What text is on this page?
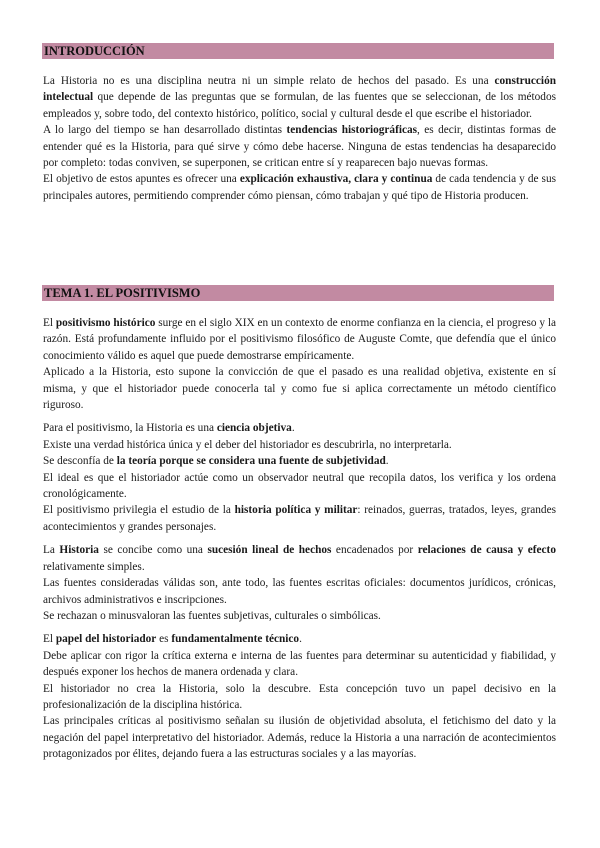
INTRODUCCIÓN

La Historia no es una disciplina neutra ni un simple relato de hechos del pasado. Es una construcción intelectual que depende de las preguntas que se formulan, de las fuentes que se seleccionan, de los métodos empleados y, sobre todo, del contexto histórico, político, social y cultural desde el que escribe el historiador.

A lo largo del tiempo se han desarrollado distintas tendencias historiográficas, es decir, distintas formas de entender qué es la Historia, para qué sirve y cómo debe hacerse. Ninguna de estas tendencias ha desaparecido por completo: todas conviven, se superponen, se critican entre sí y reaparecen bajo nuevas formas.

El objetivo de estos apuntes es ofrecer una explicación exhaustiva, clara y continua de cada tendencia y de sus principales autores, permitiendo comprender cómo piensan, cómo trabajan y qué tipo de Historia producen.

TEMA 1. EL POSITIVISMO

El positivismo histórico surge en el siglo XIX en un contexto de enorme confianza en la ciencia, el progreso y la razón. Está profundamente influido por el positivismo filosófico de Auguste Comte, que defendía que el único conocimiento válido es aquel que puede demostrarse empíricamente.

Aplicado a la Historia, esto supone la convicción de que el pasado es una realidad objetiva, existente en sí misma, y que el historiador puede conocerla tal y como fue si aplica correctamente un método científico riguroso.

Para el positivismo, la Historia es una ciencia objetiva.

Existe una verdad histórica única y el deber del historiador es descubrirla, no interpretarla.

Se desconfía de la teoría porque se considera una fuente de subjetividad.

El ideal es que el historiador actúe como un observador neutral que recopila datos, los verifica y los ordena cronológicamente.

El positivismo privilegia el estudio de la historia política y militar: reinados, guerras, tratados, leyes, grandes acontecimientos y grandes personajes.

La Historia se concibe como una sucesión lineal de hechos encadenados por relaciones de causa y efecto relativamente simples.

Las fuentes consideradas válidas son, ante todo, las fuentes escritas oficiales: documentos jurídicos, crónicas, archivos administrativos e inscripciones.

Se rechazan o minusvaloran las fuentes subjetivas, culturales o simbólicas.

El papel del historiador es fundamentalmente técnico.

Debe aplicar con rigor la crítica externa e interna de las fuentes para determinar su autenticidad y fiabilidad, y después exponer los hechos de manera ordenada y clara.

El historiador no crea la Historia, solo la descubre. Esta concepción tuvo un papel decisivo en la profesionalización de la disciplina histórica.

Las principales críticas al positivismo señalan su ilusión de objetividad absoluta, el fetichismo del dato y la negación del papel interpretativo del historiador. Además, reduce la Historia a una narración de acontecimientos protagonizados por élites, dejando fuera a las estructuras sociales y a las mayorías.
